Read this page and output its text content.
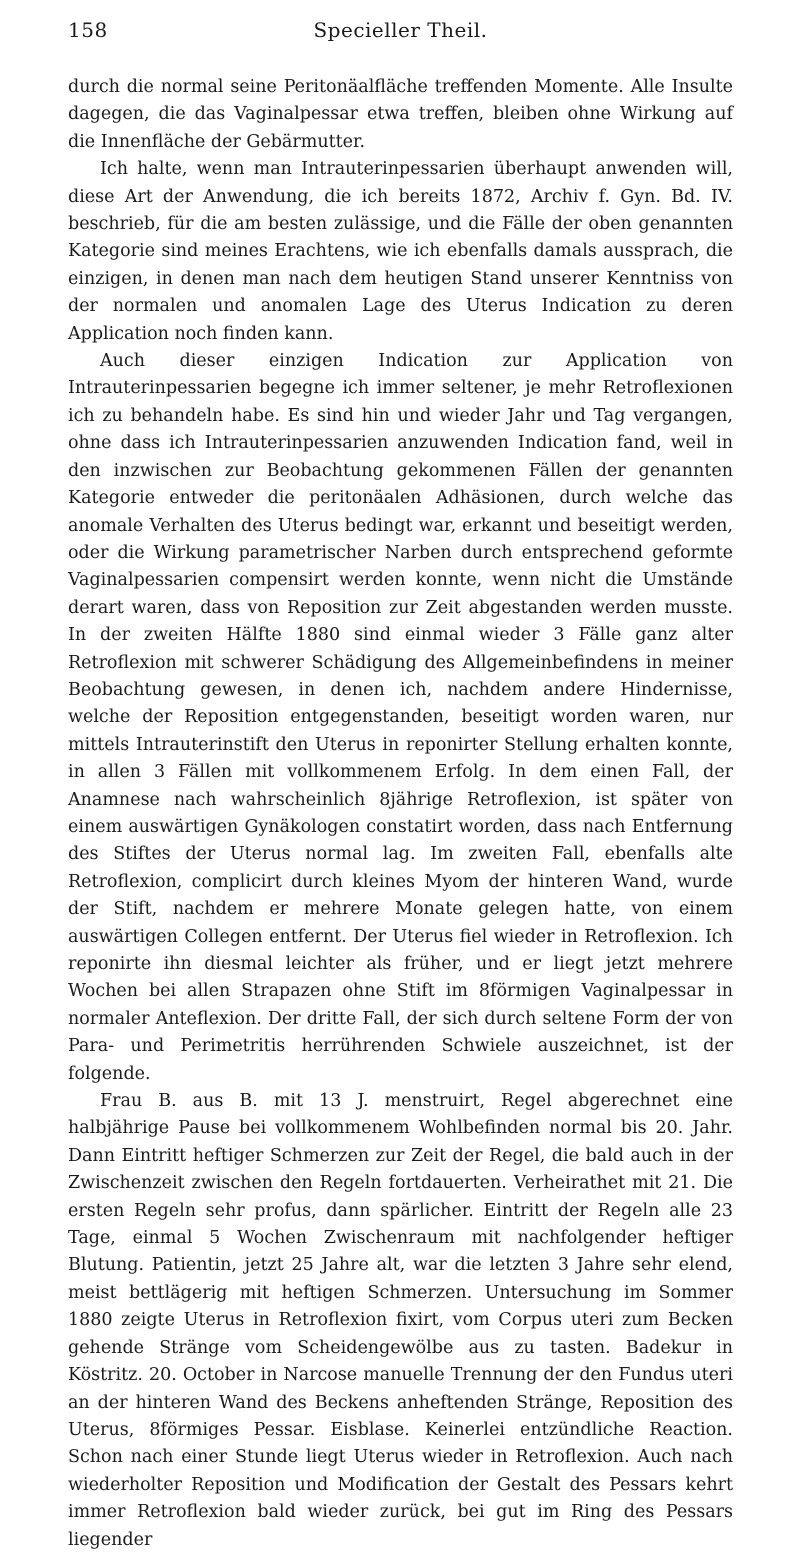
158	Specieller Theil.

durch die normal seine Peritonäalfläche treffenden Momente. Alle Insulte dagegen, die das Vaginalpessar etwa treffen, bleiben ohne Wirkung auf die Innenfläche der Gebärmutter.

Ich halte, wenn man Intrauterinpessarien überhaupt anwenden will, diese Art der Anwendung, die ich bereits 1872, Archiv f. Gyn. Bd. IV. beschrieb, für die am besten zulässige, und die Fälle der oben genannten Kategorie sind meines Erachtens, wie ich ebenfalls damals aussprach, die einzigen, in denen man nach dem heutigen Stand unserer Kenntniss von der normalen und anomalen Lage des Uterus Indication zu deren Application noch finden kann.

Auch dieser einzigen Indication zur Application von Intrauterinpessarien begegne ich immer seltener, je mehr Retroflexionen ich zu behandeln habe. Es sind hin und wieder Jahr und Tag vergangen, ohne dass ich Intrauterinpessarien anzuwenden Indication fand, weil in den inzwischen zur Beobachtung gekommenen Fällen der genannten Kategorie entweder die peritonäalen Adhäsionen, durch welche das anomale Verhalten des Uterus bedingt war, erkannt und beseitigt werden, oder die Wirkung parametrischer Narben durch entsprechend geformte Vaginalpessarien compensirt werden konnte, wenn nicht die Umstände derart waren, dass von Reposition zur Zeit abgestanden werden musste. In der zweiten Hälfte 1880 sind einmal wieder 3 Fälle ganz alter Retroflexion mit schwerer Schädigung des Allgemeinbefindens in meiner Beobachtung gewesen, in denen ich, nachdem andere Hindernisse, welche der Reposition entgegenstanden, beseitigt worden waren, nur mittels Intrauterinstift den Uterus in reponirter Stellung erhalten konnte, in allen 3 Fällen mit vollkommenem Erfolg. In dem einen Fall, der Anamnese nach wahrscheinlich 8jährige Retroflexion, ist später von einem auswärtigen Gynäkologen constatirt worden, dass nach Entfernung des Stiftes der Uterus normal lag. Im zweiten Fall, ebenfalls alte Retroflexion, complicirt durch kleines Myom der hinteren Wand, wurde der Stift, nachdem er mehrere Monate gelegen hatte, von einem auswärtigen Collegen entfernt. Der Uterus fiel wieder in Retroflexion. Ich reponirte ihn diesmal leichter als früher, und er liegt jetzt mehrere Wochen bei allen Strapazen ohne Stift im 8förmigen Vaginalpessar in normaler Anteflexion. Der dritte Fall, der sich durch seltene Form der von Para- und Perimetritis herrührenden Schwiele auszeichnet, ist der folgende.

Frau B. aus B. mit 13 J. menstruirt, Regel abgerechnet eine halbjährige Pause bei vollkommenem Wohlbefinden normal bis 20. Jahr. Dann Eintritt heftiger Schmerzen zur Zeit der Regel, die bald auch in der Zwischenzeit zwischen den Regeln fortdauerten. Verheirathet mit 21. Die ersten Regeln sehr profus, dann spärlicher. Eintritt der Regeln alle 23 Tage, einmal 5 Wochen Zwischenraum mit nachfolgender heftiger Blutung. Patientin, jetzt 25 Jahre alt, war die letzten 3 Jahre sehr elend, meist bettlägerig mit heftigen Schmerzen. Untersuchung im Sommer 1880 zeigte Uterus in Retroflexion fixirt, vom Corpus uteri zum Becken gehende Stränge vom Scheidengewölbe aus zu tasten. Badekur in Köstritz. 20. October in Narcose manuelle Trennung der den Fundus uteri an der hinteren Wand des Beckens anheftenden Stränge, Reposition des Uterus, 8förmiges Pessar. Eisblase. Keinerlei entzündliche Reaction. Schon nach einer Stunde liegt Uterus wieder in Retroflexion. Auch nach wiederholter Reposition und Modification der Gestalt des Pessars kehrt immer Retroflexion bald wieder zurück, bei gut im Ring des Pessars liegender
